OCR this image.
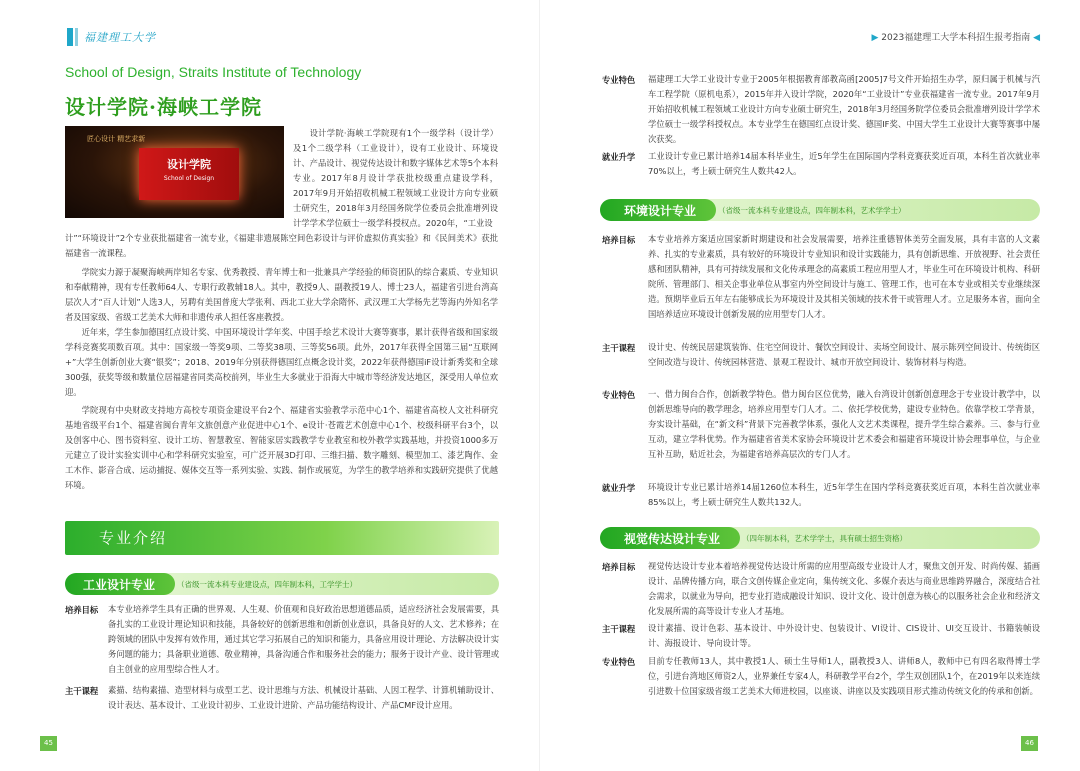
福建理工大学
School of Design, Straits Institute of Technology
设计学院·海峡工学院
匠心设计 精艺求新
设计学院
School of Design
设计学院·海峡工学院现有1个一级学科（设计学）及1个二级学科（工业设计），设有工业设计、环境设计、产品设计、视觉传达设计和数字媒体艺术等5个本科专业。2017年8月设计学获批校级重点建设学科，2017年9月开始招收机械工程领域工业设计方向专业硕士研究生，2018年3月经国务院学位委员会批准增列设计学学术学位硕士一级学科授权点。2020年，“工业设
计”“环境设计”2个专业获批福建省一流专业，《福建非遗展陈空间色彩设计与评价虚拟仿真实验》和《民间美术》获批福建省一流课程。
学院实力源于凝聚海峡两岸知名专家、优秀教授、青年博士和一批兼具产学经验的师资团队的综合素质、专业知识和奉献精神，现有专任教师64人、专职行政教辅18人。其中，教授9人、副教授19人、博士23人，福建省引进台湾高层次人才“百人计划”人选3人，另聘有美国普度大学张利、西北工业大学余隋怀、武汉理工大学杨先艺等海内外知名学者及国家级、省级工艺美术大师和非遗传承人担任客座教授。
近年来，学生参加德国红点设计奖、中国环境设计学年奖、中国手绘艺术设计大赛等赛事，累计获得省级和国家级学科竞赛奖项数百项。其中：国家级一等奖9项、二等奖38项、三等奖56项。此外，2017年获得全国第三届“互联网+”大学生创新创业大赛“银奖”；2018、2019年分别获得德国红点概念设计奖，2022年获得德国iF设计新秀奖和全球300强，获奖等级和数量位居福建省同类高校前列，毕业生大多就业于沿海大中城市等经济发达地区，深受用人单位欢迎。
学院现有中央财政支持地方高校专项资金建设平台2个、福建省实验教学示范中心1个、福建省高校人文社科研究基地省级平台1个、福建省闽台青年文旅创意产业促进中心1个、e设计·苍霞艺术创意中心1个、校级科研平台3个，以及创客中心、图书资料室、设计工坊、智慧教室、智能家居实践教学专业教室和校外教学实践基地，并投资1000多万元建立了设计实验实训中心和学科研究实验室，可广泛开展3D打印、三维扫描、数字雕刻、模型加工、漆艺陶作、金工木作、影音合成、运动捕捉、媒体交互等一系列实验、实践、制作或展览，为学生的教学培养和实践研究提供了优越环境。
专业介绍
工业设计专业	（省级一流本科专业建设点，四年制本科，工学学士）
培养目标 本专业培养学生具有正确的世界观、人生观、价值观和良好政治思想道德品质，适应经济社会发展需要，具备扎实的工业设计理论知识和技能，具备较好的创新思维和创新创业意识，具备良好的人文、艺术修养；在跨领域的团队中发挥有效作用，通过其它学习拓展自己的知识和能力，具备应用设计理论、方法解决设计实务问题的能力；具备职业道德、敬业精神，具备沟通合作和服务社会的能力；服务于设计产业、设计管理或自主创业的应用型综合性人才。
主干课程 素描、结构素描、造型材料与成型工艺、设计思维与方法、机械设计基础、人因工程学、计算机辅助设计、设计表达、基本设计、工业设计初步、工业设计进阶、产品功能结构设计、产品CMF设计应用。
45
▶ 2023福建理工大学本科招生报考指南 ◀
专业特色 福建理工大学工业设计专业于2005年根据教育部教高函[2005]7号文件开始招生办学，原归属于机械与汽车工程学院（原机电系），2015年并入设计学院，2020年“工业设计”专业获福建省一流专业。2017年9月开始招收机械工程领域工业设计方向专业硕士研究生，2018年3月经国务院学位委员会批准增列设计学学术学位硕士一级学科授权点。本专业学生在德国红点设计奖、德国IF奖、中国大学生工业设计大赛等赛事中屡次获奖。
就业升学 工业设计专业已累计培养14届本科毕业生，近5年学生在国际国内学科竞赛获奖近百项，本科生首次就业率70%以上，考上硕士研究生人数共42人。
环境设计专业	（省级一流本科专业建设点，四年制本科，艺术学学士）
培养目标 本专业培养方案适应国家新时期建设和社会发展需要，培养注重德智体美劳全面发展，具有丰富的人文素养、扎实的专业素质，具有较好的环境设计专业知识和设计实践能力，具有创新思维、开放视野、社会责任感和团队精神，具有可持续发展和文化传承理念的高素质工程应用型人才，毕业生可在环境设计机构、科研院所、管理部门、相关企事业单位从事室内外空间设计与施工、管理工作，也可在本专业或相关专业继续深造。预期毕业后五年左右能够成长为环境设计及其相关领域的技术骨干或管理人才。立足服务本省，面向全国培养适应环境设计创新发展的应用型专门人才。
主干课程 设计史、传统民居建筑装饰、住宅空间设计、餐饮空间设计、卖场空间设计、展示陈列空间设计、传统街区空间改造与设计、传统园林营造、景观工程设计、城市开放空间设计、装饰材料与构造。
专业特色 一、借力闽台合作，创新教学特色。借力闽台区位优势，融入台湾设计创新创意理念于专业设计教学中，以创新思维导向的教学理念，培养应用型专门人才。二、依托学校优势，建设专业特色。依靠学校工学背景，夯实设计基础，在“新文科”背景下完善教学体系，强化人文艺术类课程，提升学生综合素养。三、参与行业互动，建立学科优势。作为福建省省美术家协会环境设计艺术委会和福建省环境设计协会理事单位，与企业互补互助，贴近社会，为福建省培养高层次的专门人才。
就业升学 环境设计专业已累计培养14届1260位本科生，近5年学生在国内学科竞赛获奖近百项，本科生首次就业率85%以上，考上硕士研究生人数共132人。
视觉传达设计专业	（四年制本科，艺术学学士，具有硕士招生资格）
培养目标 视觉传达设计专业本着培养视觉传达设计所需的应用型高级专业设计人才，聚焦文创开发、时尚传媒、插画设计、品牌传播方向，联合文创传媒企业定向，集传统文化、多媒介表达与商业思维跨界融合，深度结合社会需求，以就业为导向，把专业打造成融设计知识、设计文化、设计创意为核心的以服务社会企业和经济文化发展所需的高等设计专业人才基地。
主干课程 设计素描、设计色彩、基本设计、中外设计史、包装设计、VI设计、CIS设计、UI交互设计、书籍装帧设计、海报设计、导向设计等。
专业特色 目前专任教师13人，其中教授1人、硕士生导师1人，副教授3人、讲师8人，教师中已有四名取得博士学位，引进台湾地区师资2人，业界兼任专家4人，科研教学平台2个，学生双创团队1个，在2019年以来连续引进数十位国家级省级工艺美术大师进校园，以座谈、讲座以及实践项目形式推动传统文化的传承和创新。
46
